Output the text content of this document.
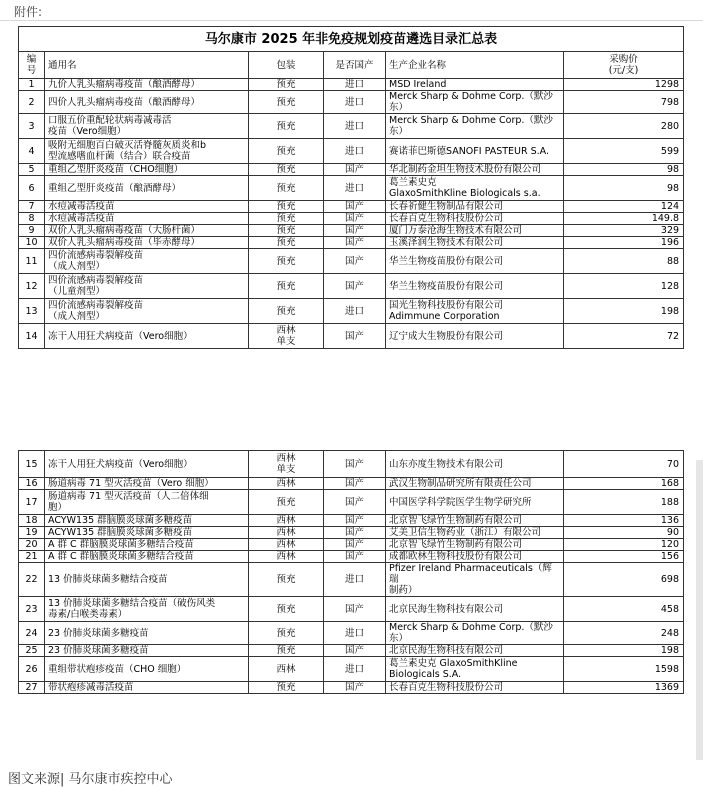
附件:
马尔康市 2025 年非免疫规划疫苗遴选目录汇总表					
编
号	通用名	包装	是否国产	生产企业名称	采购价
(元/支)
1	九价人乳头瘤病毒疫苗（酿酒酵母）	预充	进口	MSD Ireland	1298
2	四价人乳头瘤病毒疫苗（酿酒酵母）	预充	进口	Merck Sharp & Dohme Corp.（默沙东）	798
3	口服五价重配轮状病毒减毒活
疫苗（Vero细胞）	预充	进口	Merck Sharp & Dohme Corp.（默沙东）	280
4	吸附无细胞百白破灭活脊髓灰质炎和b
型流感嗜血杆菌（结合）联合疫苗	预充	进口	赛诺菲巴斯德SANOFI PASTEUR S.A.	599
5	重组乙型肝炎疫苗（CHO细胞）	预充	国产	华北制药金坦生物技术股份有限公司	98
6	重组乙型肝炎疫苗（酿酒酵母）	预充	进口	葛兰素史克
GlaxoSmithKline Biologicals s.a.	98
7	水痘减毒活疫苗	预充	国产	长春祈健生物制品有限公司	124
8	水痘减毒活疫苗	预充	国产	长春百克生物科技股份公司	149.8
9	双价人乳头瘤病毒疫苗（大肠杆菌）	预充	国产	厦门万泰沧海生物技术有限公司	329
10	双价人乳头瘤病毒疫苗（毕赤酵母）	预充	国产	玉溪泽润生物技术有限公司	196
11	四价流感病毒裂解疫苗
（成人剂型）	预充	国产	华兰生物疫苗股份有限公司	88
12	四价流感病毒裂解疫苗
（儿童剂型）	预充	国产	华兰生物疫苗股份有限公司	128
13	四价流感病毒裂解疫苗
（成人剂型）	预充	进口	国光生物科技股份有限公司
Adimmune Corporation	198
14	冻干人用狂犬病疫苗（Vero细胞）	西林
单支	国产	辽宁成大生物股份有限公司	72
15	冻干人用狂犬病疫苗（Vero细胞）	西林
单支	国产	山东亦度生物技术有限公司	70
16	肠道病毒 71 型灭活疫苗（Vero 细胞）	西林	国产	武汉生物制品研究所有限责任公司	168
17	肠道病毒 71 型灭活疫苗（人二倍体细
胞）	预充	国产	中国医学科学院医学生物学研究所	188
18	ACYW135 群脑膜炎球菌多糖疫苗	西林	国产	北京智飞绿竹生物制药有限公司	136
19	ACYW135 群脑膜炎球菌多糖疫苗	西林	国产	艾美卫信生物药业（浙江）有限公司	90
20	A 群 C 群脑膜炎球菌多糖结合疫苗	西林	国产	北京智飞绿竹生物制药有限公司	120
21	A 群 C 群脑膜炎球菌多糖结合疫苗	西林	国产	成都欧林生物科技股份有限公司	156
22	13 价肺炎球菌多糖结合疫苗	预充	进口	Pfizer Ireland Pharmaceuticals（辉瑞
制药）	698
23	13 价肺炎球菌多糖结合疫苗（破伤风类
毒素/白喉类毒素）	预充	国产	北京民海生物科技有限公司	458
24	23 价肺炎球菌多糖疫苗	预充	进口	Merck Sharp & Dohme Corp.（默沙东）	248
25	23 价肺炎球菌多糖疫苗	预充	国产	北京民海生物科技有限公司	198
26	重组带状疱疹疫苗（CHO 细胞）	西林	进口	葛兰素史克 GlaxoSmithKline
Biologicals S.A.	1598
27	带状疱疹减毒活疫苗	预充	国产	长春百克生物科技股份公司	1369
图文来源| 马尔康市疾控中心
